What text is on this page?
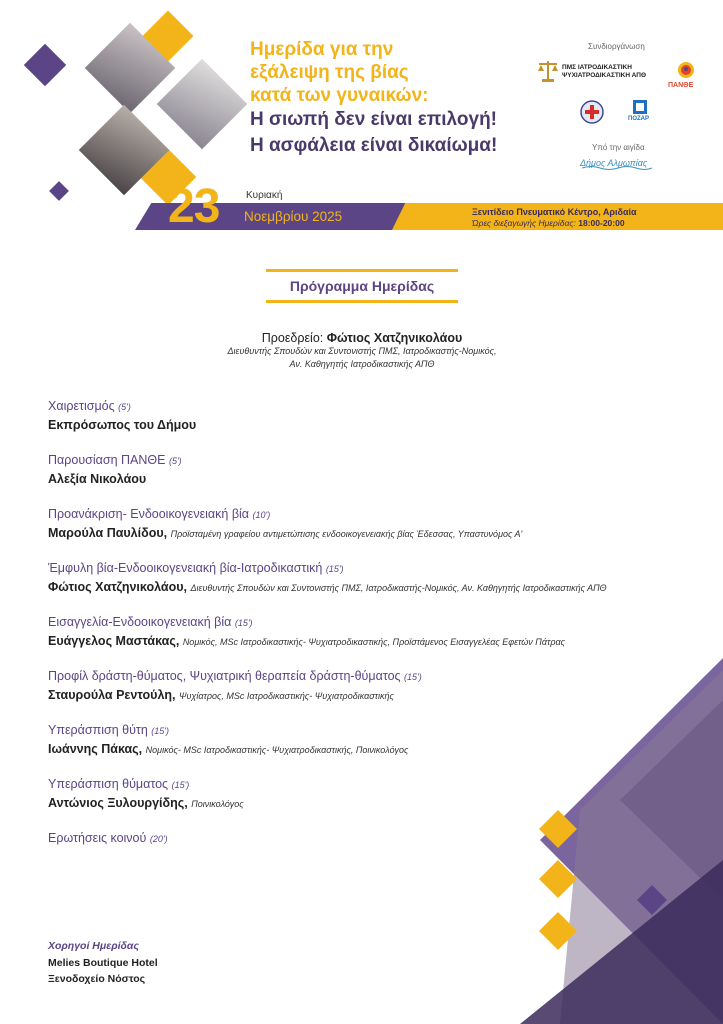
Ημερίδα για την
εξάλειψη της βίας
κατά των γυναικών:
Η σιωπή δεν είναι επιλογή!
Η ασφάλεια είναι δικαίωμα!
Συνδιοργάνωση
ΠΜΣ ΙΑΤΡΟΔΙΚΑΣΤΙΚΗ
ΨΥΧΙΑΤΡΟΔΙΚΑΣΤΙΚΗ ΑΠΘ
ΠΑΝΘΕ
ΠΟΖΑΡ
Υπό την αιγίδα
Δήμος Αλμωπίας
23	Κυριακή
Νοεμβρίου 2025	Ξενιτίδειο Πνευματικό Κέντρο, Αριδαία
Ώρες διεξαγωγής Ημερίδας: 18:00-20:00
Πρόγραμμα Ημερίδας
Προεδρείο: Φώτιος Χατζηνικολάου
Διευθυντής Σπουδών και Συντονιστής ΠΜΣ, Ιατροδικαστής-Νομικός,
Αν. Καθηγητής Ιατροδικαστικής ΑΠΘ
Χαιρετισμός (5')
Εκπρόσωπος του Δήμου
Παρουσίαση ΠΑΝΘΕ (5')
Αλεξία Νικολάου
Προανάκριση- Ενδοοικογενειακή βία (10')
Μαρούλα Παυλίδου, Προϊσταμένη γραφείου αντιμετώπισης ενδοοικογενειακής βίας Έδεσσας, Υπαστυνόμος Α'
Έμφυλη βία-Ενδοοικογενειακή βία-Ιατροδικαστική (15')
Φώτιος Χατζηνικολάου, Διευθυντής Σπουδών και Συντονιστής ΠΜΣ, Ιατροδικαστής-Νομικός, Αν. Καθηγητής Ιατροδικαστικής ΑΠΘ
Εισαγγελία-Ενδοοικογενειακή βία (15')
Ευάγγελος Μαστάκας, Νομικός, MSc Ιατροδικαστικής- Ψυχιατροδικαστικής, Προϊστάμενος Εισαγγελέας Εφετών Πάτρας
Προφίλ δράστη-θύματος, Ψυχιατρική θεραπεία δράστη-θύματος (15')
Σταυρούλα Ρεντούλη, Ψυχίατρος, MSc Ιατροδικαστικής- Ψυχιατροδικαστικής
Υπεράσπιση θύτη (15')
Ιωάννης Πάκας, Νομικός- MSc Ιατροδικαστικής- Ψυχιατροδικαστικής, Ποινικολόγος
Υπεράσπιση θύματος (15')
Αντώνιος Ξυλουργίδης, Ποινικολόγος
Ερωτήσεις κοινού (20')
Χορηγοί Ημερίδας
Melies Boutique Hotel
Ξενοδοχείο Νόστος
